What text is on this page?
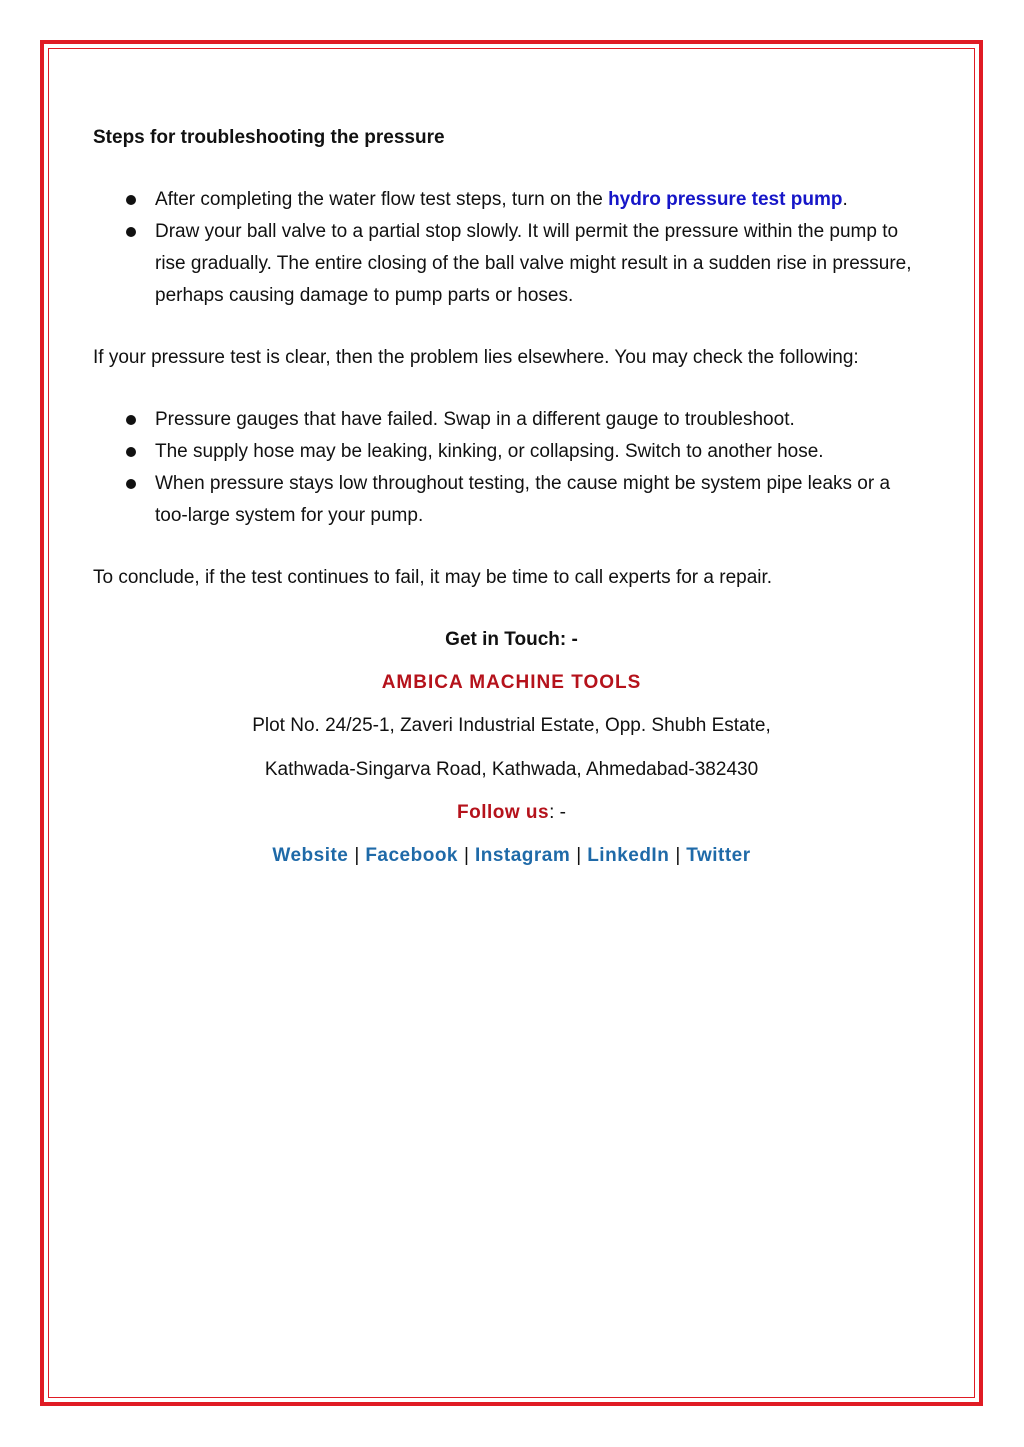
Steps for troubleshooting the pressure
After completing the water flow test steps, turn on the hydro pressure test pump.
Draw your ball valve to a partial stop slowly. It will permit the pressure within the pump to rise gradually. The entire closing of the ball valve might result in a sudden rise in pressure, perhaps causing damage to pump parts or hoses.
If your pressure test is clear, then the problem lies elsewhere. You may check the following:
Pressure gauges that have failed. Swap in a different gauge to troubleshoot.
The supply hose may be leaking, kinking, or collapsing. Switch to another hose.
When pressure stays low throughout testing, the cause might be system pipe leaks or a too-large system for your pump.
To conclude, if the test continues to fail, it may be time to call experts for a repair.
Get in Touch: -
AMBICA MACHINE TOOLS
Plot No. 24/25-1, Zaveri Industrial Estate, Opp. Shubh Estate,
Kathwada-Singarva Road, Kathwada, Ahmedabad-382430
Follow us: -
Website | Facebook | Instagram | LinkedIn | Twitter
